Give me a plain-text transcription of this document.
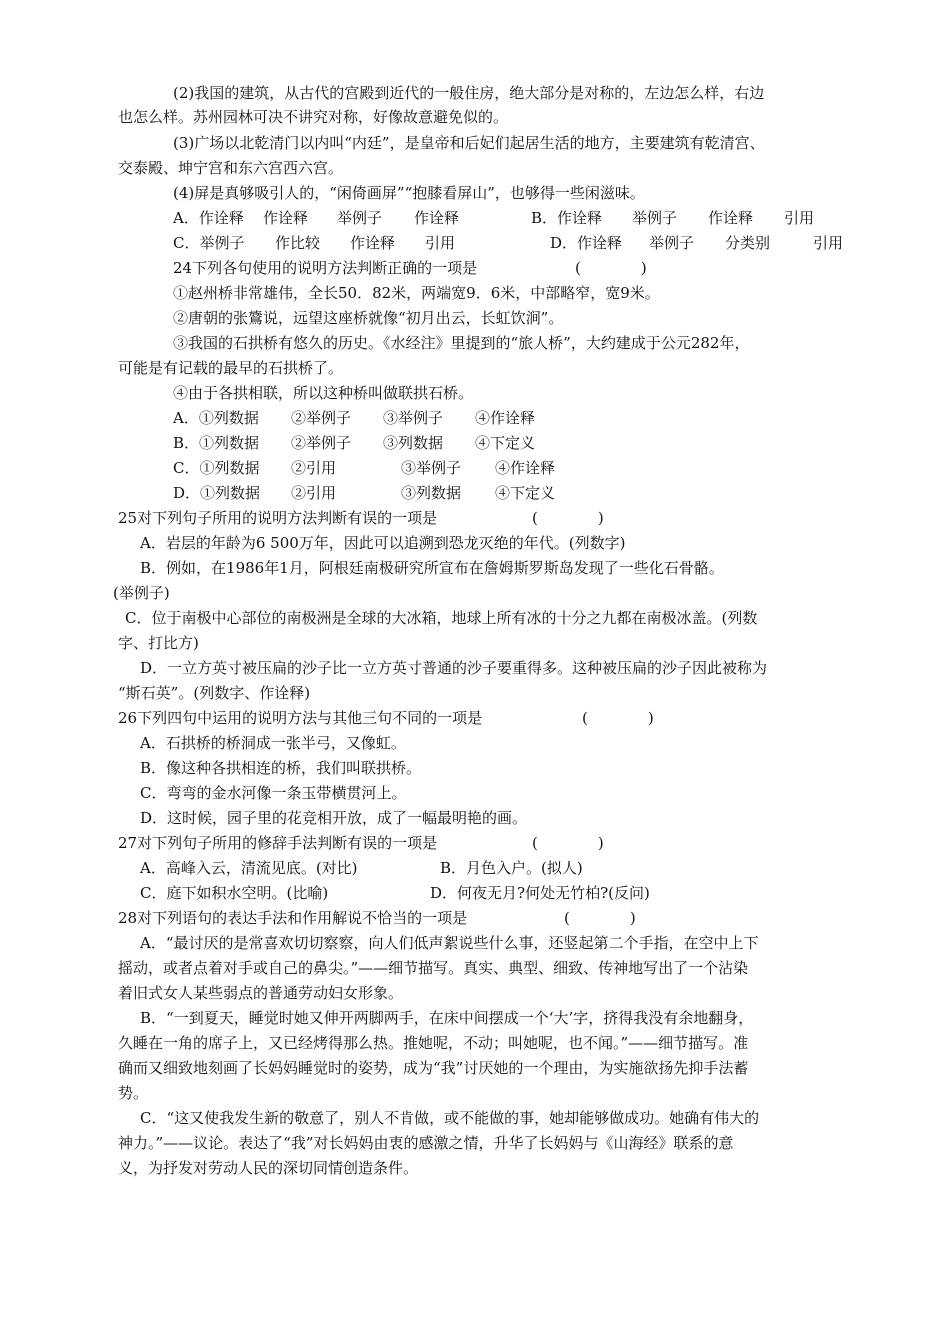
(2)我国的建筑，从古代的宫殿到近代的一般住房，绝大部分是对称的，左边怎么样，右边

也怎么样。苏州园林可决不讲究对称，好像故意避免似的。

(3)广场以北乾清门以内叫“内廷”，是皇帝和后妃们起居生活的地方，主要建筑有乾清宫、

交泰殿、坤宁宫和东六宫西六宫。

(4)屏是真够吸引人的，“闲倚画屏”“抱膝看屏山”，也够得一些闲滋味。

A．作诠释 作诠释 举例子 作诠释	B．作诠释 举例子 作诠释 引用
C．举例子 作比较 作诠释 引用	D．作诠释 举例子 分类别	引用
24下列各句使用的说明方法判断正确的一项是	(　　　　)

①赵州桥非常雄伟，全长50．82米，两端宽9．6米，中部略窄，宽9米。

②唐朝的张鷟说，远望这座桥就像“初月出云，长虹饮涧”。

③我国的石拱桥有悠久的历史。《水经注》里提到的“旅人桥”，大约建成于公元282年，

可能是有记载的最早的石拱桥了。

④由于各拱相联，所以这种桥叫做联拱石桥。

A．①列数据 ②举例子 ③举例子 ④作诠释
B．①列数据 ②举例子 ③列数据 ④下定义
C．①列数据 ②引用	③举例子 ④作诠释
D．①列数据 ②引用	③列数据 ④下定义
25对下列句子所用的说明方法判断有误的一项是	(　　　　)

A．岩层的年龄为6 500万年，因此可以追溯到恐龙灭绝的年代。(列数字)

B．例如，在1986年1月，阿根廷南极研究所宣布在詹姆斯罗斯岛发现了一些化石骨骼。

(举例子)

C．位于南极中心部位的南极洲是全球的大冰箱，地球上所有冰的十分之九都在南极冰盖。(列数

字、打比方)

D．一立方英寸被压扁的沙子比一立方英寸普通的沙子要重得多。这种被压扁的沙子因此被称为

“斯石英”。(列数字、作诠释)

26下列四句中运用的说明方法与其他三句不同的一项是	(　　　　)

A．石拱桥的桥洞成一张半弓，又像虹。

B．像这种各拱相连的桥，我们叫联拱桥。

C．弯弯的金水河像一条玉带横贯河上。

D．这时候，园子里的花竞相开放，成了一幅最明艳的画。

27对下列句子所用的修辞手法判断有误的一项是	(　　　　)
A．高峰入云，清流见底。(对比)	B．月色入户。(拟人)
C．庭下如积水空明。(比喻)	D．何夜无月?何处无竹柏?(反问)
28对下列语句的表达手法和作用解说不恰当的一项是	(　　　　)

A．“最讨厌的是常喜欢切切察察，向人们低声絮说些什么事，还竖起第二个手指，在空中上下

摇动，或者点着对手或自己的鼻尖。”——细节描写。真实、典型、细致、传神地写出了一个沾染

着旧式女人某些弱点的普通劳动妇女形象。

B．“一到夏天，睡觉时她又伸开两脚两手，在床中间摆成一个‘大’字，挤得我没有余地翻身，

久睡在一角的席子上，又已经烤得那么热。推她呢，不动；叫她呢，也不闻。”——细节描写。准

确而又细致地刻画了长妈妈睡觉时的姿势，成为“我”讨厌她的一个理由，为实施欲扬先抑手法蓄

势。

C．“这又使我发生新的敬意了，别人不肯做，或不能做的事，她却能够做成功。她确有伟大的

神力。”——议论。表达了“我”对长妈妈由衷的感激之情，升华了长妈妈与《山海经》联系的意

义，为抒发对劳动人民的深切同情创造条件。
